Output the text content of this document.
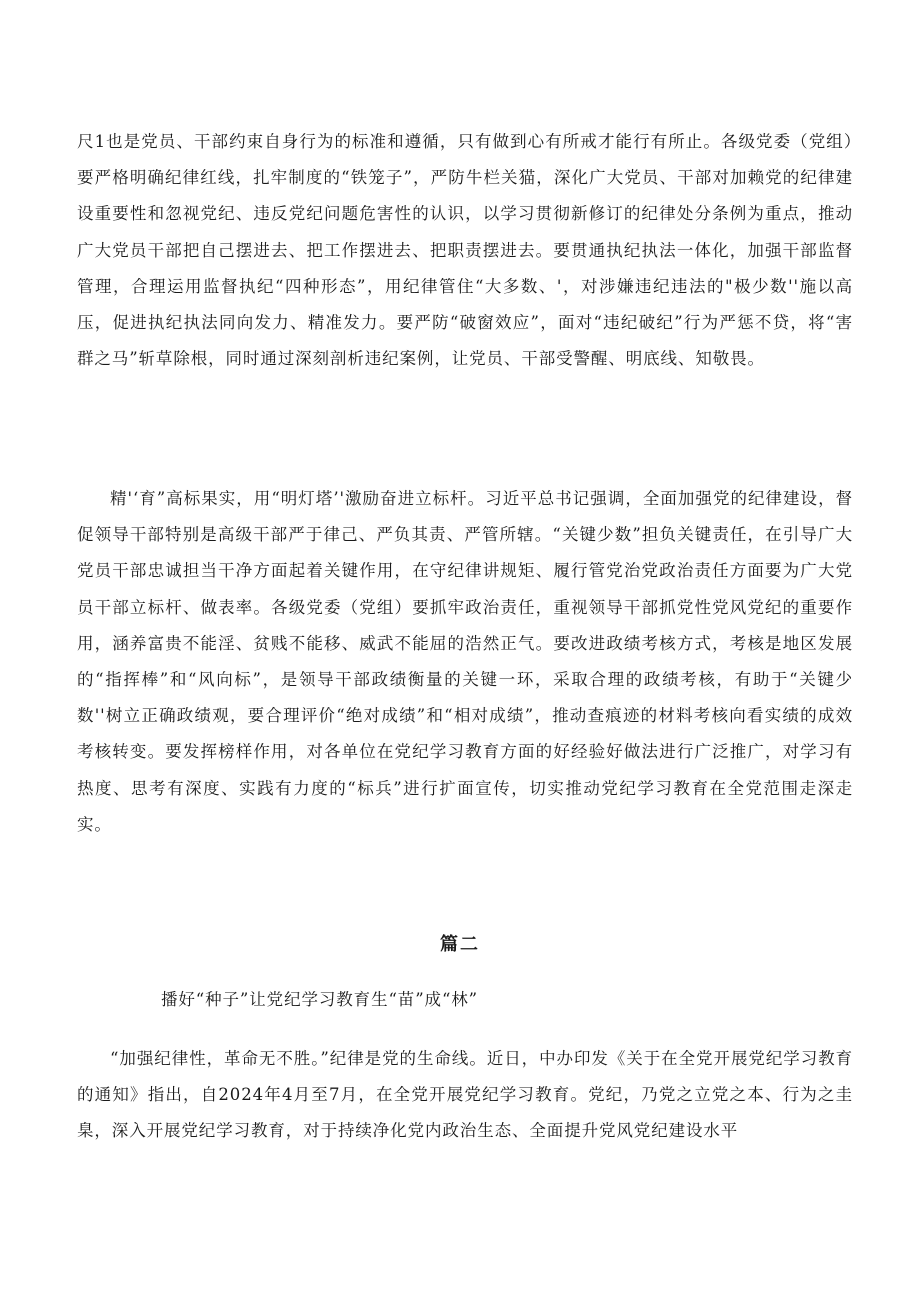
尺1也是党员、干部约束自身行为的标准和遵循，只有做到心有所戒才能行有所止。各级党委（党组）要严格明确纪律红线，扎牢制度的“铁笼子”，严防牛栏关猫，深化广大党员、干部对加赖党的纪律建设重要性和忽视党纪、违反党纪问题危害性的认识，以学习贯彻新修订的纪律处分条例为重点，推动广大党员干部把自己摆进去、把工作摆进去、把职责摆进去。要贯通执纪执法一体化，加强干部监督管理，合理运用监督执纪“四种形态”，用纪律管住“大多数、'，对涉嫌违纪违法的"极少数''施以高压，促进执纪执法同向发力、精准发力。要严防“破窗效应”，面对“违纪破纪”行为严惩不贷，将“害群之马”斩草除根，同时通过深刻剖析违纪案例，让党员、干部受警醒、明底线、知敬畏。

精'‘育”高标果实，用“明灯塔’'激励奋进立标杆。习近平总书记强调，全面加强党的纪律建设，督促领导干部特别是高级干部严于律己、严负其责、严管所辖。“关键少数”担负关键责任，在引导广大党员干部忠诚担当干净方面起着关键作用，在守纪律讲规矩、履行管党治党政治责任方面要为广大党员干部立标杆、做表率。各级党委（党组）要抓牢政治责任，重视领导干部抓党性党风党纪的重要作用，涵养富贵不能淫、贫贱不能移、威武不能屈的浩然正气。要改进政绩考核方式，考核是地区发展的“指挥棒”和“风向标”，是领导干部政绩衡量的关键一环，采取合理的政绩考核，有助于“关键少数''树立正确政绩观，要合理评价“绝对成绩”和“相对成绩”，推动查痕迹的材料考核向看实绩的成效考核转变。要发挥榜样作用，对各单位在党纪学习教育方面的好经验好做法进行广泛推广，对学习有热度、思考有深度、实践有力度的“标兵”进行扩面宣传，切实推动党纪学习教育在全党范围走深走实。

篇二

播好“种子”让党纪学习教育生“苗”成“林”

“加强纪律性，革命无不胜。”纪律是党的生命线。近日，中办印发《关于在全党开展党纪学习教育的通知》指出，自2024年4月至7月，在全党开展党纪学习教育。党纪，乃党之立党之本、行为之圭臬，深入开展党纪学习教育，对于持续净化党内政治生态、全面提升党风党纪建设水平
